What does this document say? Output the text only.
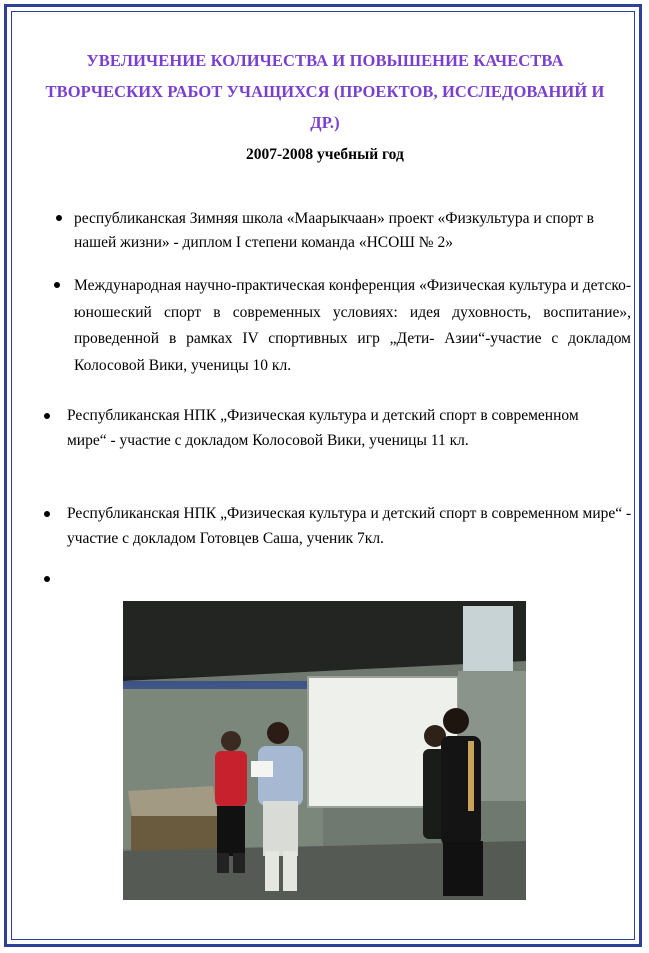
УВЕЛИЧЕНИЕ КОЛИЧЕСТВА И ПОВЫШЕНИЕ КАЧЕСТВА ТВОРЧЕСКИХ РАБОТ УЧАЩИХСЯ (ПРОЕКТОВ, ИССЛЕДОВАНИЙ И ДР.)
2007-2008 учебный год
республиканская Зимняя школа «Маарыкчаан» проект «Физкультура и спорт в нашей жизни» - диплом I степени команда «НСОШ № 2»
Международная научно-практическая конференция «Физическая культура и детско-юношеский спорт в современных условиях: идея духовность, воспитание», проведенной в рамках IV спортивных игр „Дети- Азии“-участие с докладом Колосовой Вики, ученицы 10 кл.
Республиканская НПК „Физическая культура и детский спорт в современном мире“ - участие с докладом Колосовой Вики, ученицы 11 кл.
Республиканская НПК „Физическая культура и детский спорт в современном мире“ - участие с докладом Готовцев Саша, ученик 7кл.
